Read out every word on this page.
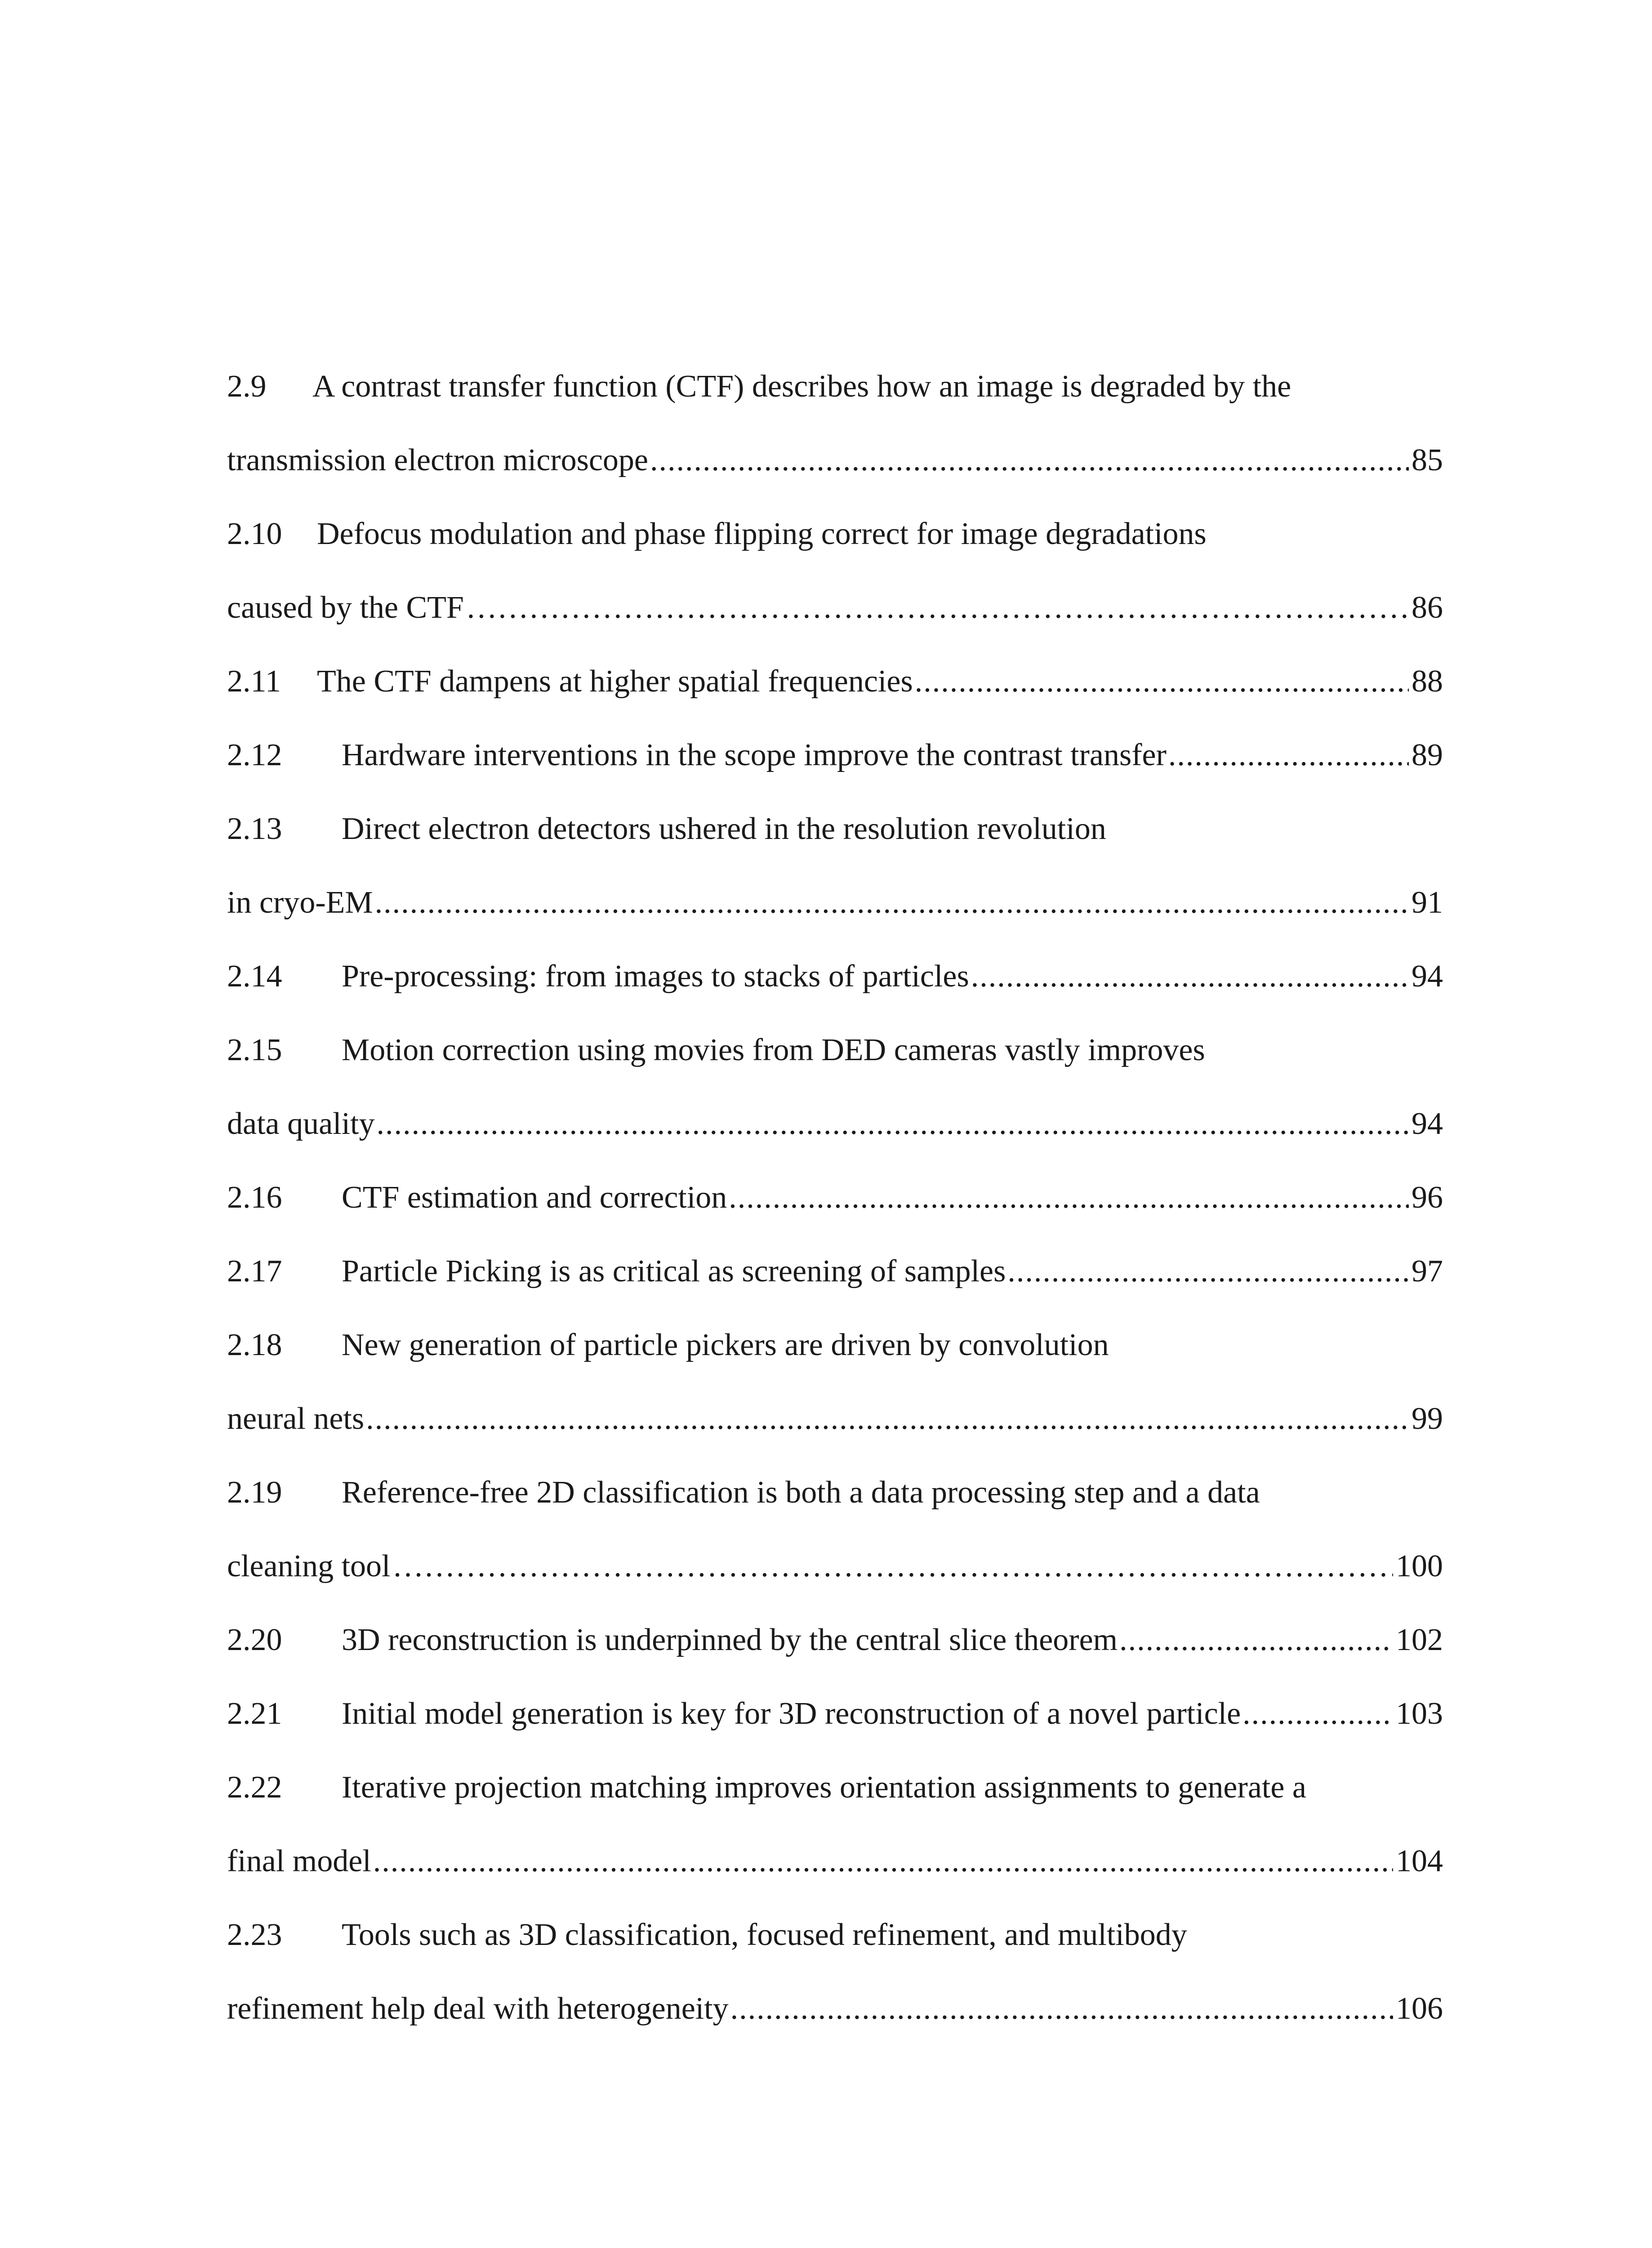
2.9	A contrast transfer function (CTF) describes how an image is degraded by the
transmission electron microscope .....	85
2.10	Defocus modulation and phase flipping correct for image degradations
caused by the CTF …………………………………………………………………………………………………………………………………………………………………………………………………………………………………………	86
2.11	The CTF dampens at higher spatial frequencies .....	88
2.12	Hardware interventions in the scope improve the contrast transfer .....	89
2.13	Direct electron detectors ushered in the resolution revolution
in cryo-EM .....	91
2.14	Pre-processing: from images to stacks of particles .....	94
2.15	Motion correction using movies from DED cameras vastly improves
data quality .....	94
2.16	CTF estimation and correction .....	96
2.17	Particle Picking is as critical as screening of samples .....	97
2.18	New generation of particle pickers are driven by convolution
neural nets .....	99
2.19	Reference-free 2D classification is both a data processing step and a data
cleaning tool …………………………………………………………………………………………………………………………………………………………………………………………………………………………………………	100
2.20	3D reconstruction is underpinned by the central slice theorem .....	102
2.21	Initial model generation is key for 3D reconstruction of a novel particle .....	103
2.22	Iterative projection matching improves orientation assignments to generate a
final model .....	104
2.23	Tools such as 3D classification, focused refinement, and multibody
refinement help deal with heterogeneity .....	106
